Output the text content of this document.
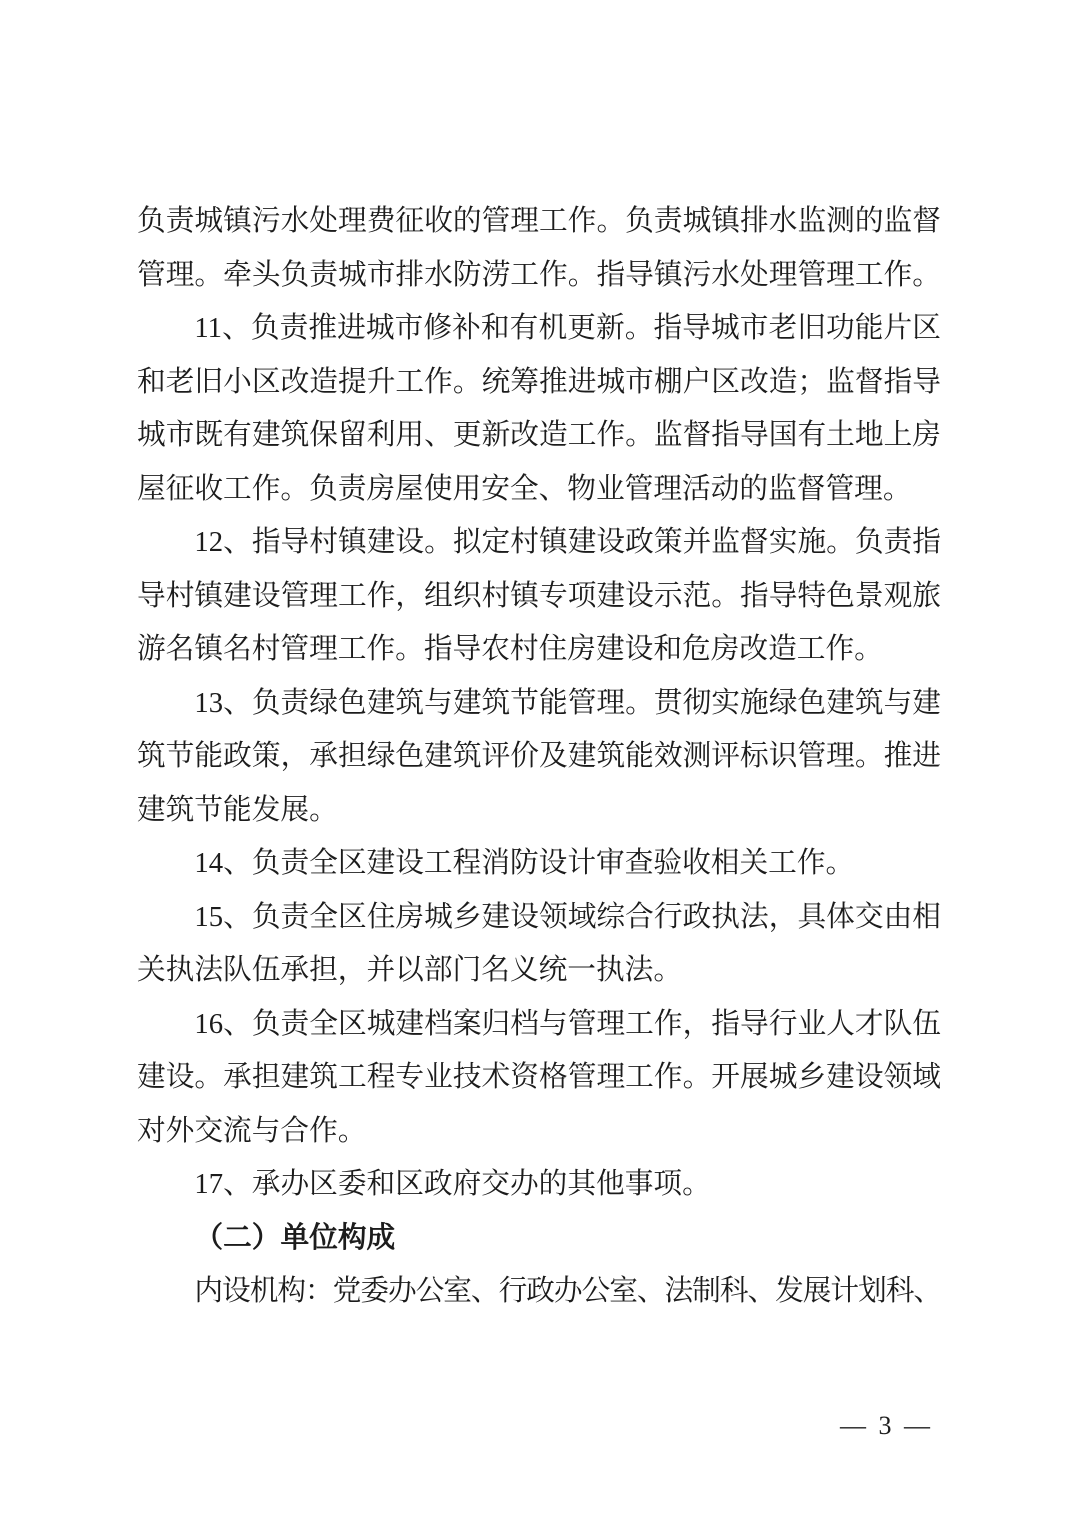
负责城镇污水处理费征收的管理工作。负责城镇排水监测的监督
管理。牵头负责城市排水防涝工作。指导镇污水处理管理工作。
11、负责推进城市修补和有机更新。指导城市老旧功能片区
和老旧小区改造提升工作。统筹推进城市棚户区改造；监督指导
城市既有建筑保留利用、更新改造工作。监督指导国有土地上房
屋征收工作。负责房屋使用安全、物业管理活动的监督管理。
12、指导村镇建设。拟定村镇建设政策并监督实施。负责指
导村镇建设管理工作，组织村镇专项建设示范。指导特色景观旅
游名镇名村管理工作。指导农村住房建设和危房改造工作。
13、负责绿色建筑与建筑节能管理。贯彻实施绿色建筑与建
筑节能政策，承担绿色建筑评价及建筑能效测评标识管理。推进
建筑节能发展。
14、负责全区建设工程消防设计审查验收相关工作。
15、负责全区住房城乡建设领域综合行政执法，具体交由相
关执法队伍承担，并以部门名义统一执法。
16、负责全区城建档案归档与管理工作，指导行业人才队伍
建设。承担建筑工程专业技术资格管理工作。开展城乡建设领域
对外交流与合作。
17、承办区委和区政府交办的其他事项。
（二）单位构成
内设机构：党委办公室、行政办公室、法制科、发展计划科、
— 3 —
